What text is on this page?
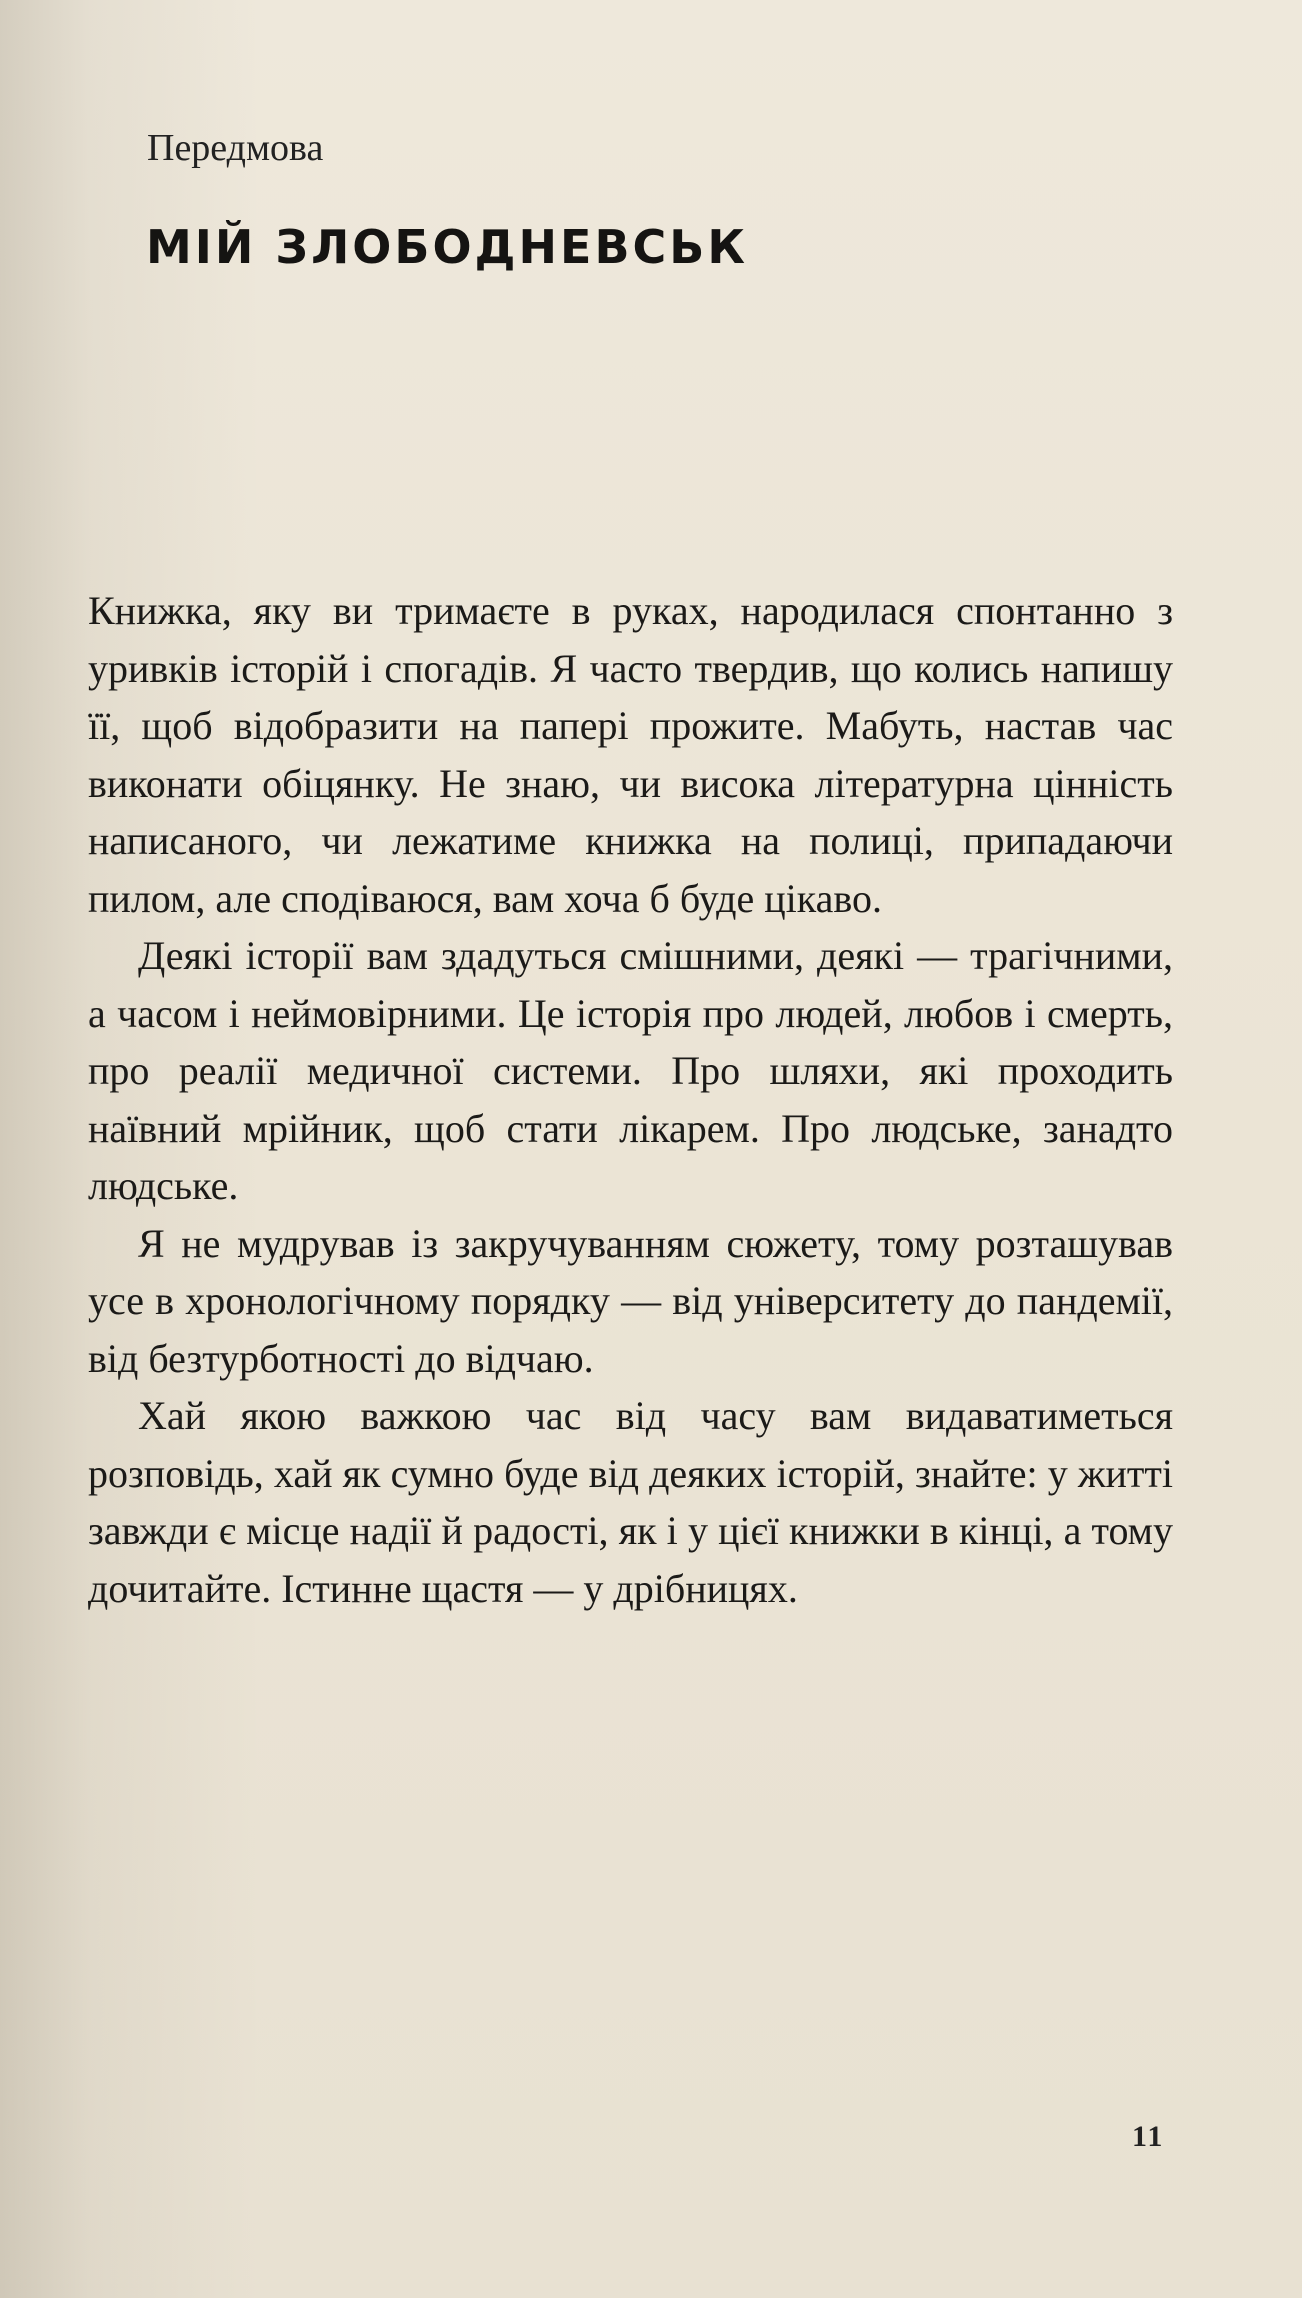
Передмова
МІЙ ЗЛОБОДНЕВСЬК

Книжка, яку ви тримаєте в руках, народилася спонтанно з уривків історій і спогадів. Я часто твердив, що колись напишу її, щоб відобразити на папері прожите. Мабуть, настав час виконати обіцянку. Не знаю, чи висока літературна цінність написаного, чи лежатиме книжка на полиці, припадаючи пилом, але сподіваюся, вам хоча б буде цікаво.

Деякі історії вам здадуться смішними, деякі — трагічними, а часом і неймовірними. Це історія про людей, любов і смерть, про реалії медичної системи. Про шляхи, які проходить наївний мрійник, щоб стати лікарем. Про людське, занадто людське.

Я не мудрував із закручуванням сюжету, тому розташував усе в хронологічному порядку — від університету до пандемії, від безтурботності до відчаю.

Хай якою важкою час від часу вам видаватиметься розповідь, хай як сумно буде від деяких історій, знайте: у житті завжди є місце надії й радості, як і у цієї книжки в кінці, а тому дочитайте. Істинне щастя — у дрібницях.

11
